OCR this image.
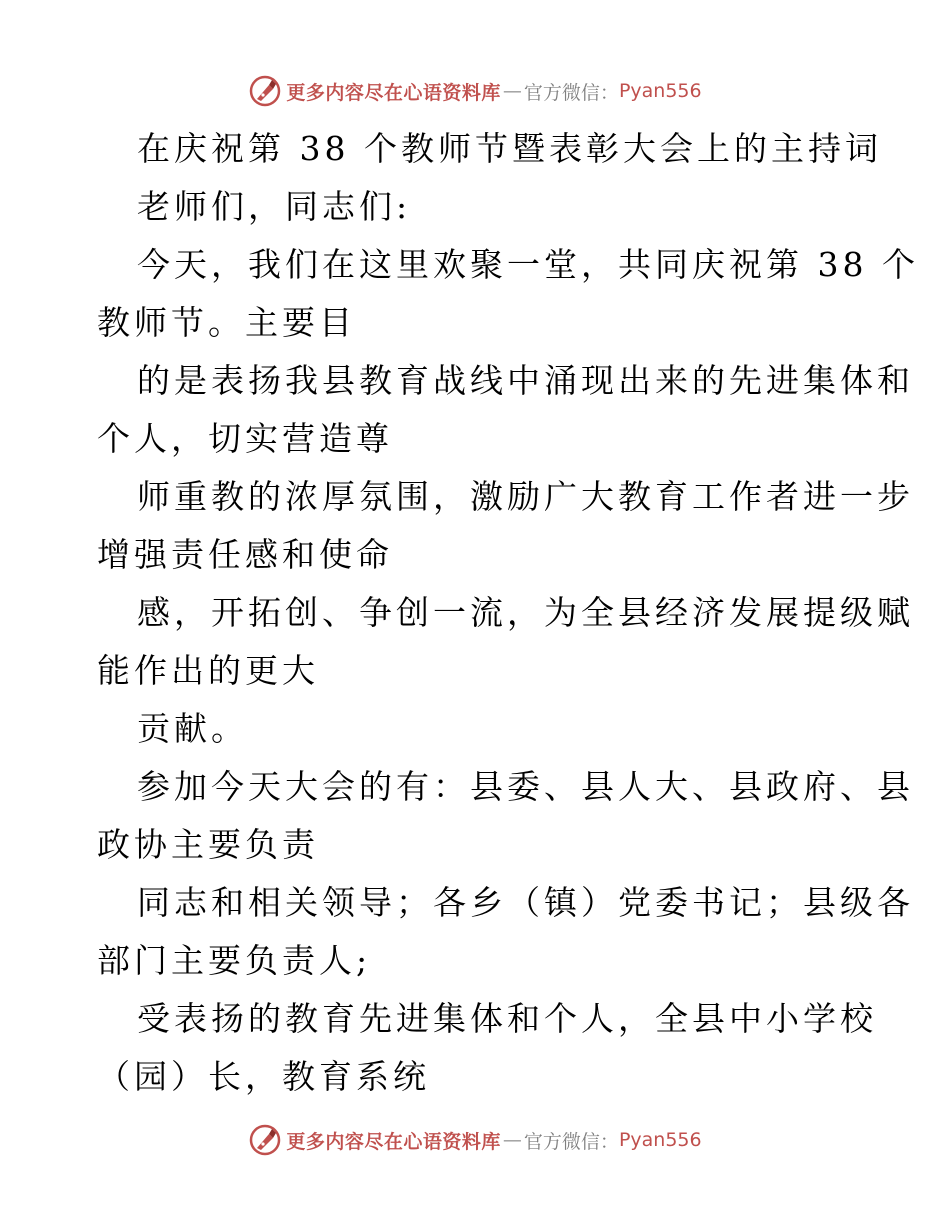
更多内容尽在心语资料库 — 官方微信： Pyan556

在庆祝第 38 个教师节暨表彰大会上的主持词

老师们，同志们:

今天，我们在这里欢聚一堂，共同庆祝第 38 个

教师节。主要目

的是表扬我县教育战线中涌现出来的先进集体和

个人，切实营造尊

师重教的浓厚氛围，激励广大教育工作者进一步

增强责任感和使命

感，开拓创、争创一流，为全县经济发展提级赋

能作出的更大

贡献。

参加今天大会的有：县委、县人大、县政府、县

政协主要负责

同志和相关领导；各乡（镇）党委书记；县级各

部门主要负责人;

受表扬的教育先进集体和个人，全县中小学校

（园）长，教育系统

更多内容尽在心语资料库 — 官方微信： Pyan556
